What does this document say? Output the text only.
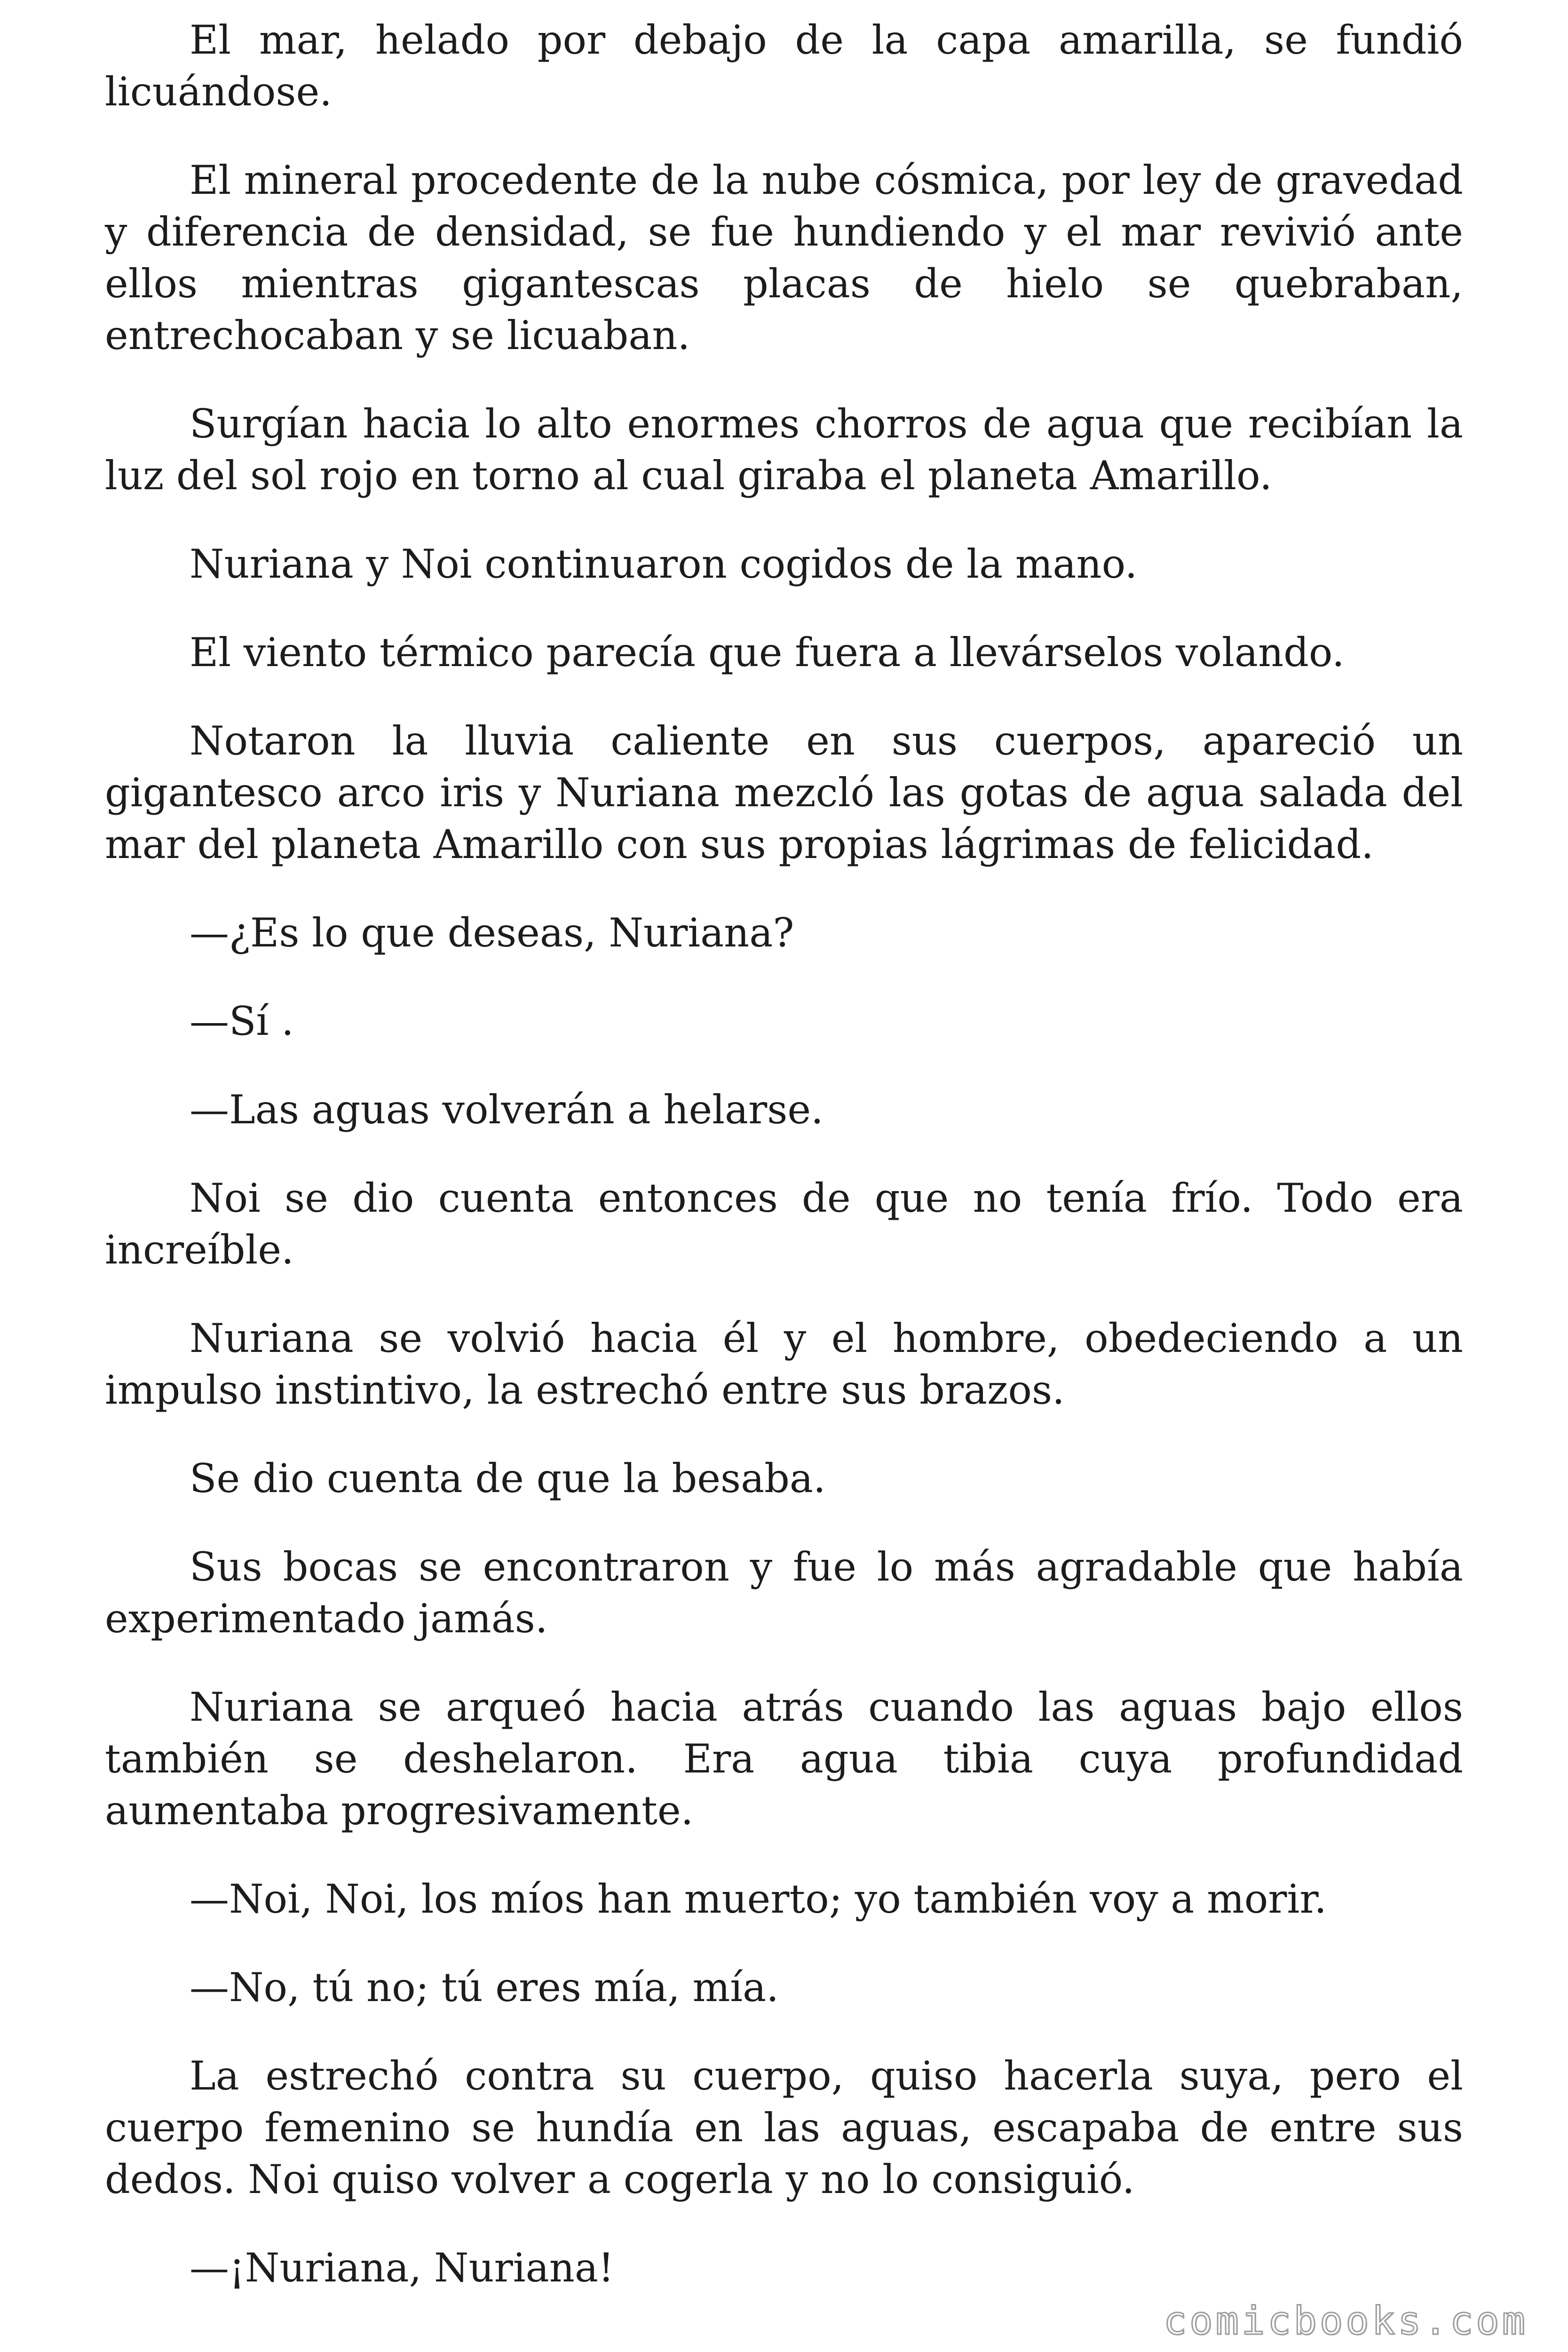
El mar, helado por debajo de la capa amarilla, se fundió licuándose.

El mineral procedente de la nube cósmica, por ley de gravedad y diferencia de densidad, se fue hundiendo y el mar revivió ante ellos mientras gigantescas placas de hielo se quebraban, entrechocaban y se licuaban.

Surgían hacia lo alto enormes chorros de agua que recibían la luz del sol rojo en torno al cual giraba el planeta Amarillo.

Nuriana y Noi continuaron cogidos de la mano.

El viento térmico parecía que fuera a llevárselos volando.

Notaron la lluvia caliente en sus cuerpos, apareció un gigantesco arco iris y Nuriana mezcló las gotas de agua salada del mar del planeta Amarillo con sus propias lágrimas de felicidad.

—¿Es lo que deseas, Nuriana?

—Sí .

—Las aguas volverán a helarse.

Noi se dio cuenta entonces de que no tenía frío. Todo era increíble.

Nuriana se volvió hacia él y el hombre, obedeciendo a un impulso instintivo, la estrechó entre sus brazos.

Se dio cuenta de que la besaba.

Sus bocas se encontraron y fue lo más agradable que había experimentado jamás.

Nuriana se arqueó hacia atrás cuando las aguas bajo ellos también se deshelaron. Era agua tibia cuya profundidad aumentaba progresivamente.

—Noi, Noi, los míos han muerto; yo también voy a morir.

—No, tú no; tú eres mía, mía.

La estrechó contra su cuerpo, quiso hacerla suya, pero el cuerpo femenino se hundía en las aguas, escapaba de entre sus dedos. Noi quiso volver a cogerla y no lo consiguió.

—¡Nuriana, Nuriana!

comicbooks.com
